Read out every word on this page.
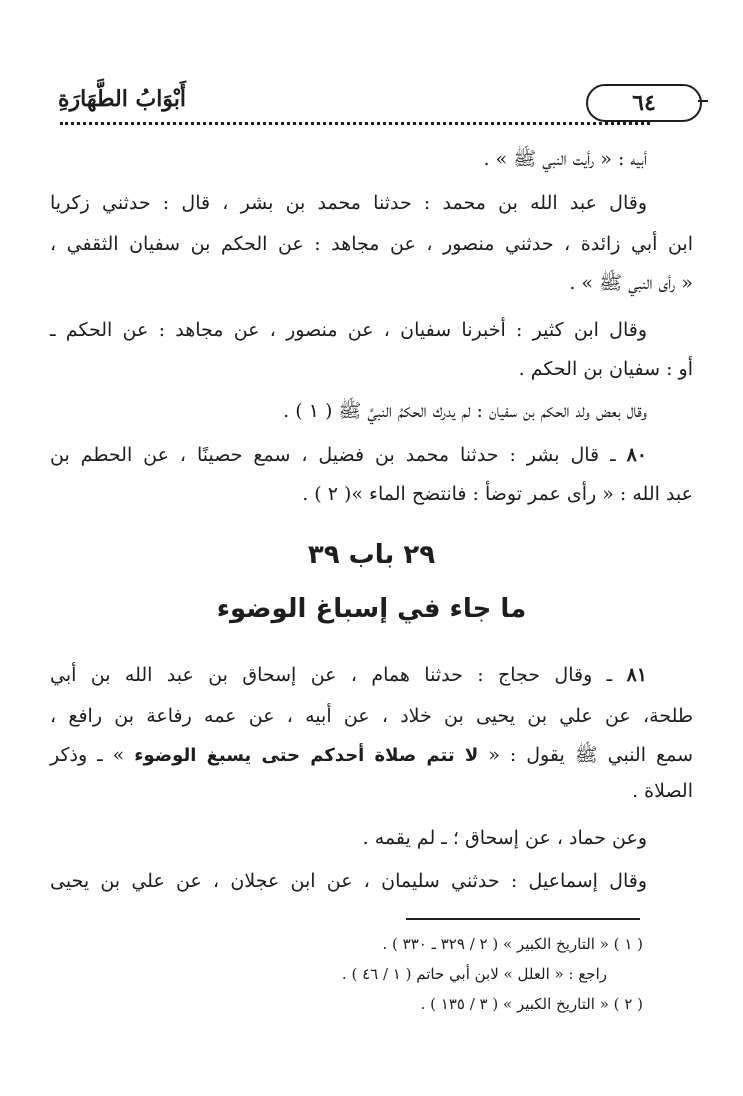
٦٤
أَبْوَابُ الطَّهَارَةِ
أبيه : « رأيت النبي ﷺ » .
وقال عبد الله بن محمد : حدثنا محمد بن بشر ، قال : حدثني زكريا
ابن أبي زائدة ، حدثني منصور ، عن مجاهد : عن الحكم بن سفيان الثقفي ،
« رأى النبي ﷺ » .
وقال ابن كثير : أخبرنا سفيان ، عن منصور ، عن مجاهد : عن الحكم ـ
أو : سفيان بن الحكم .
وقال بعض ولد الحكم بن سفيان : لم يدرك الحكمُ النبيَّ ﷺ ( ١ ) .
٨٠ ـ قال بشر : حدثنا محمد بن فضيل ، سمع حصينًا ، عن الحطم بن
عبد الله : « رأى عمر توضأ : فانتضح الماء »( ٢ ) .
٢٩ باب ٣٩
ما جاء في إسباغ الوضوء
٨١ ـ وقال حجاج : حدثنا همام ، عن إسحاق بن عبد الله بن أبي
طلحة، عن علي بن يحيى بن خلاد ، عن أبيه ، عن عمه رفاعة بن رافع ،
سمع النبي ﷺ يقول : « لا تتم صلاة أحدكم حتى يسبغ الوضوء » ـ وذكر
الصلاة .
وعن حماد ، عن إسحاق ؛ ـ لم يقمه .
وقال إسماعيل : حدثني سليمان ، عن ابن عجلان ، عن علي بن يحيى
( ١ ) « التاريخ الكبير » ( ٢ / ٣٢٩ ـ ٣٣٠ ) .
راجع : « العلل » لابن أبي حاتم ( ١ / ٤٦ ) .
( ٢ ) « التاريخ الكبير » ( ٣ / ١٣٥ ) .
